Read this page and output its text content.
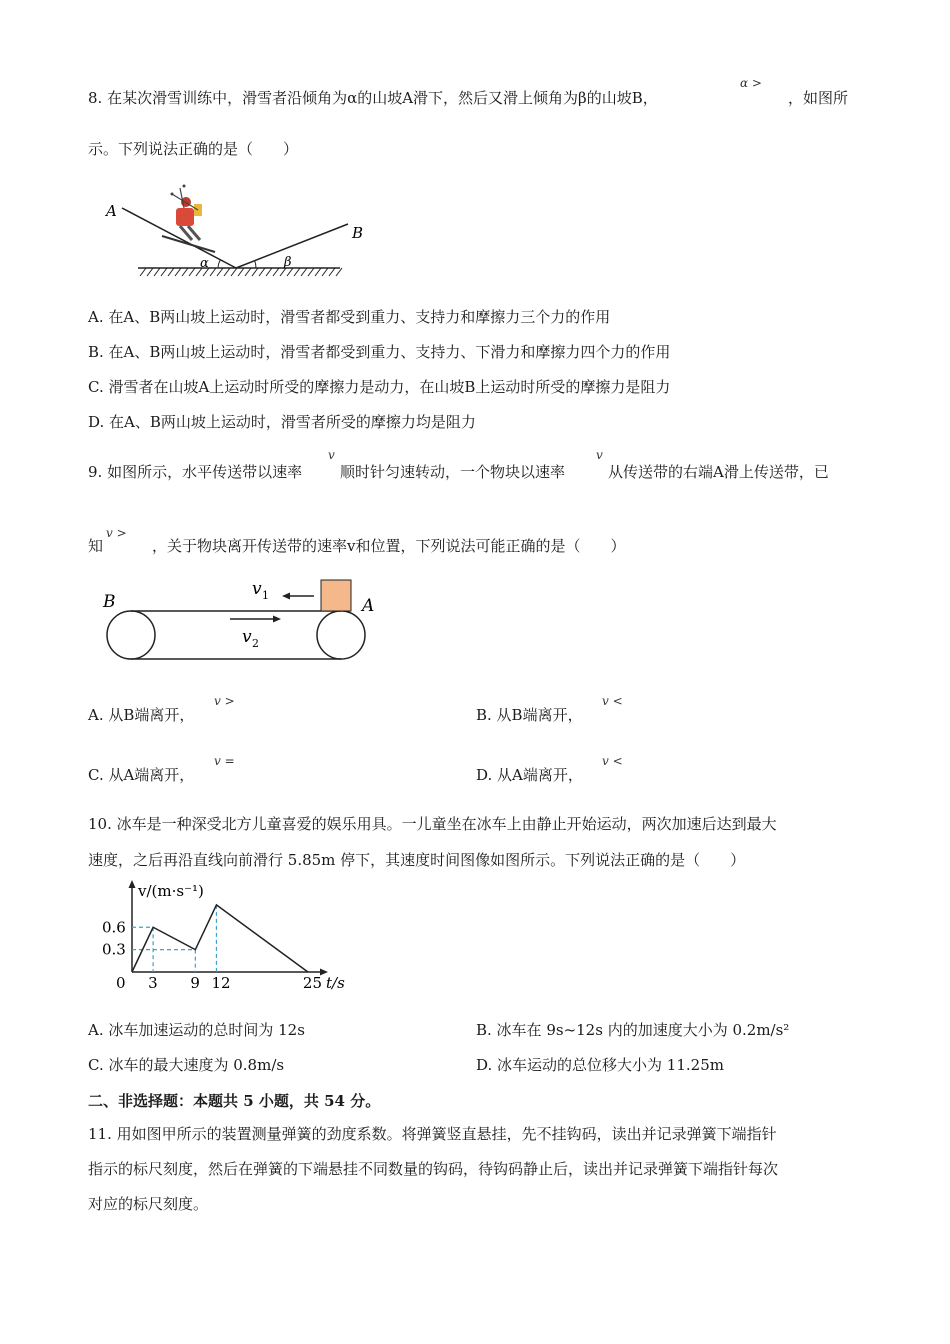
8. 在某次滑雪训练中，滑雪者沿倾角为α的山坡A滑下，然后又滑上倾角为β的山坡B，
α >
，如图所
示。下列说法正确的是（　　）
A
B
α	β
A. 在A、B两山坡上运动时，滑雪者都受到重力、支持力和摩擦力三个力的作用
B. 在A、B两山坡上运动时，滑雪者都受到重力、支持力、下滑力和摩擦力四个力的作用
C. 滑雪者在山坡A上运动时所受的摩擦力是动力，在山坡B上运动时所受的摩擦力是阻力
D. 在A、B两山坡上运动时，滑雪者所受的摩擦力均是阻力
9. 如图所示，水平传送带以速率
v
顺时针匀速转动，一个物块以速率
v
从传送带的右端A滑上传送带，已
知
v >
，关于物块离开传送带的速率v和位置，下列说法可能正确的是（　　）
B	A
v 1
v 2
A. 从B端离开，
v >
B. 从B端离开，
v <
C. 从A端离开，
v =
D. 从A端离开，
v <
10. 冰车是一种深受北方儿童喜爱的娱乐用具。一儿童坐在冰车上由静止开始运动，两次加速后达到最大
速度，之后再沿直线向前滑行 5.85m 停下，其速度时间图像如图所示。下列说法正确的是（　　）
0 3 9 12	25
0.6
0.3
t/s
v/(m·s⁻¹)
A. 冰车加速运动的总时间为 12s	B. 冰车在 9s~12s 内的加速度大小为 0.2m/s²
C. 冰车的最大速度为 0.8m/s	D. 冰车运动的总位移大小为 11.25m
二、非选择题：本题共 5 小题，共 54 分。
11. 用如图甲所示的装置测量弹簧的劲度系数。将弹簧竖直悬挂，先不挂钩码，读出并记录弹簧下端指针
指示的标尺刻度，然后在弹簧的下端悬挂不同数量的钩码，待钩码静止后，读出并记录弹簧下端指针每次
对应的标尺刻度。
